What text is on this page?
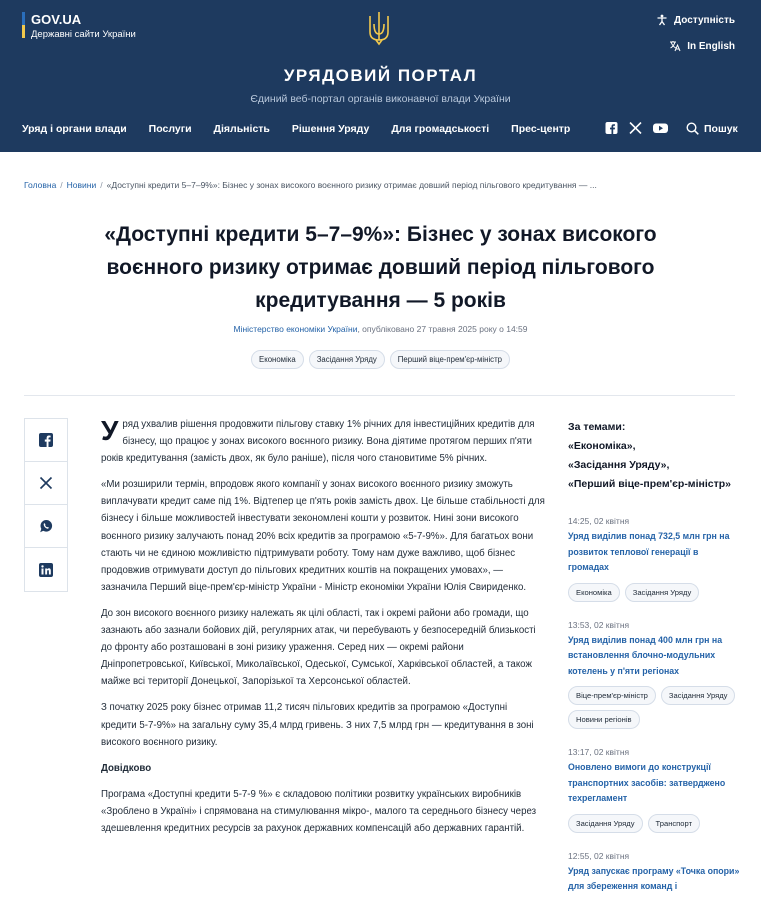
GOV.UA
Державні сайти України
Доступність
In English
УРЯДОВИЙ ПОРТАЛ
Єдиний веб-портал органів виконавчої влади України
Уряд і органи влади Послуги Діяльність Рішення Уряду Для громадськості Прес-центр	Пошук
Головна / Новини / «Доступні кредити 5–7–9%»: Бізнес у зонах високого воєнного ризику отримає довший період пільгового кредитування — ...
«Доступні кредити 5–7–9%»: Бізнес у зонах високого воєнного ризику отримає довший період пільгового кредитування — 5 років
Міністерство економіки України, опубліковано 27 травня 2025 року о 14:59
Економіка	Засідання Уряду	Перший віце-прем'єр-міністр

Уряд ухвалив рішення продовжити пільгову ставку 1% річних для інвестиційних кредитів для бізнесу, що працює у зонах високого воєнного ризику. Вона діятиме протягом перших п'яти років кредитування (замість двох, як було раніше), після чого становитиме 5% річних.

«Ми розширили термін, впродовж якого компанії у зонах високого воєнного ризику зможуть виплачувати кредит саме під 1%. Відтепер це п'ять років замість двох. Це більше стабільності для бізнесу і більше можливостей інвестувати зекономлені кошти у розвиток. Нині зони високого воєнного ризику залучають понад 20% всіх кредитів за програмою «5-7-9%». Для багатьох вони стають чи не єдиною можливістю підтримувати роботу. Тому нам дуже важливо, щоб бізнес продовжив отримувати доступ до пільгових кредитних коштів на покращених умовах», — зазначила Перший віце-прем'єр-міністр України - Міністр економіки України Юлія Свириденко.

До зон високого воєнного ризику належать як цілі області, так і окремі райони або громади, що зазнають або зазнали бойових дій, регулярних атак, чи перебувають у безпосередній близькості до фронту або розташовані в зоні ризику ураження. Серед них — окремі райони Дніпропетровської, Київської, Миколаївської, Одеської, Сумської, Харківської областей, а також майже всі території Донецької, Запорізької та Херсонської областей.

З початку 2025 року бізнес отримав 11,2 тисяч пільгових кредитів за програмою «Доступні кредити 5-7-9%» на загальну суму 35,4 млрд гривень. З них 7,5 млрд грн — кредитування в зоні високого воєнного ризику.

Довідково

Програма «Доступні кредити 5-7-9 %» є складовою політики розвитку українських виробників «Зроблено в Україні» і спрямована на стимулювання мікро-, малого та середнього бізнесу через здешевлення кредитних ресурсів за рахунок державних компенсацій або державних гарантій.

За темами:
«Економіка»,
«Засідання Уряду»,
«Перший віце-прем'єр-міністр»
14:25, 02 квітня
Уряд виділив понад 732,5 млн грн на розвиток теплової генерації в громадах
Економіка	Засідання Уряду
13:53, 02 квітня
Уряд виділив понад 400 млн грн на встановлення блочно-модульних котелень у п'яти регіонах
Віце-прем'єр-міністр	Засідання Уряду
Новини регіонів
13:17, 02 квітня
Оновлено вимоги до конструкції транспортних засобів: затверджено техрегламент
Засідання Уряду	Транспорт
12:55, 02 квітня
Уряд запускає програму «Точка опори» для збереження команд і
